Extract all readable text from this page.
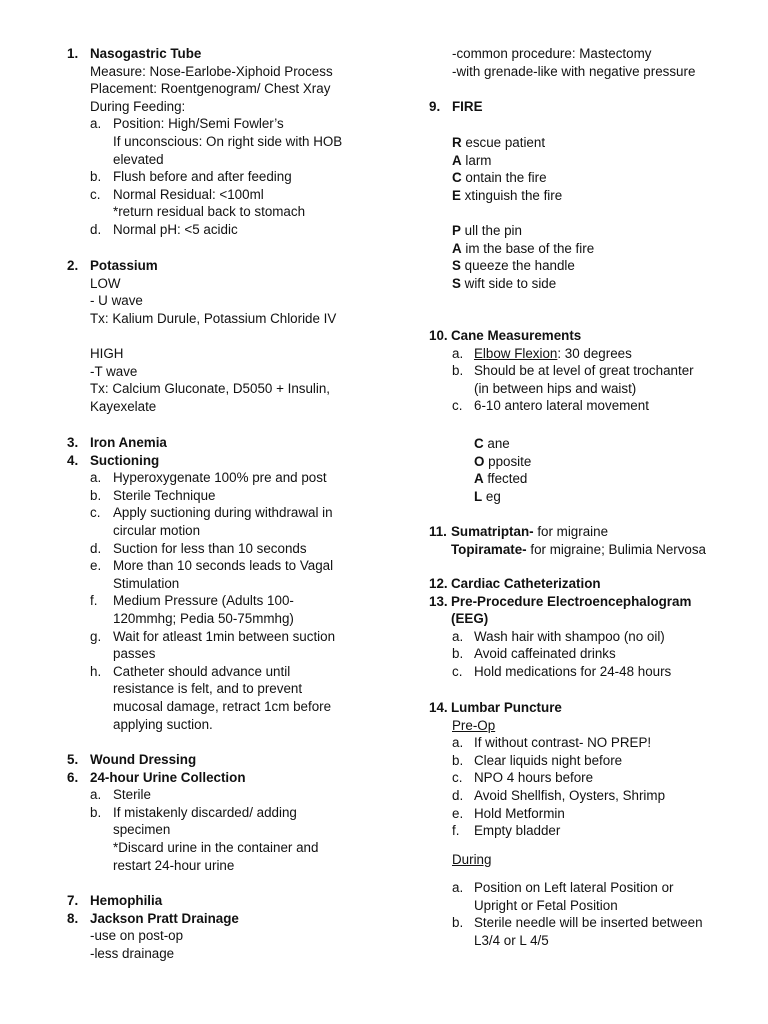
1. Nasogastric Tube
Measure: Nose-Earlobe-Xiphoid Process
Placement: Roentgenogram/ Chest Xray
During Feeding:
a. Position: High/Semi Fowler’s
If unconscious: On right side with HOB
elevated
b. Flush before and after feeding
c. Normal Residual: <100ml
*return residual back to stomach
d. Normal pH: <5 acidic
2. Potassium
LOW
- U wave
Tx: Kalium Durule, Potassium Chloride IV
HIGH
-T wave
Tx: Calcium Gluconate, D5050 + Insulin,
Kayexelate
3. Iron Anemia
4. Suctioning
a. Hyperoxygenate 100% pre and post
b. Sterile Technique
c. Apply suctioning during withdrawal in
circular motion
d. Suction for less than 10 seconds
e. More than 10 seconds leads to Vagal
Stimulation
f. Medium Pressure (Adults 100-
120mmhg; Pedia 50-75mmhg)
g. Wait for atleast 1min between suction
passes
h. Catheter should advance until
resistance is felt, and to prevent
mucosal damage, retract 1cm before
applying suction.
5. Wound Dressing
6. 24-hour Urine Collection
a. Sterile
b. If mistakenly discarded/ adding
specimen
*Discard urine in the container and
restart 24-hour urine
7. Hemophilia
8. Jackson Pratt Drainage
-use on post-op
-less drainage
-common procedure: Mastectomy
-with grenade-like with negative pressure
9. FIRE
R escue patient
A larm
C ontain the fire
E xtinguish the fire
P ull the pin
A im the base of the fire
S queeze the handle
S wift side to side
10. Cane Measurements
a. Elbow Flexion: 30 degrees
b. Should be at level of great trochanter
(in between hips and waist)
c. 6-10 antero lateral movement
C ane
O pposite
A ffected
L eg
11. Sumatriptan- for migraine
Topiramate- for migraine; Bulimia Nervosa
12. Cardiac Catheterization
13. Pre-Procedure Electroencephalogram
(EEG)
a. Wash hair with shampoo (no oil)
b. Avoid caffeinated drinks
c. Hold medications for 24-48 hours
14. Lumbar Puncture
Pre-Op
a. If without contrast- NO PREP!
b. Clear liquids night before
c. NPO 4 hours before
d. Avoid Shellfish, Oysters, Shrimp
e. Hold Metformin
f. Empty bladder
During
a. Position on Left lateral Position or
Upright or Fetal Position
b. Sterile needle will be inserted between
L3/4 or L 4/5
